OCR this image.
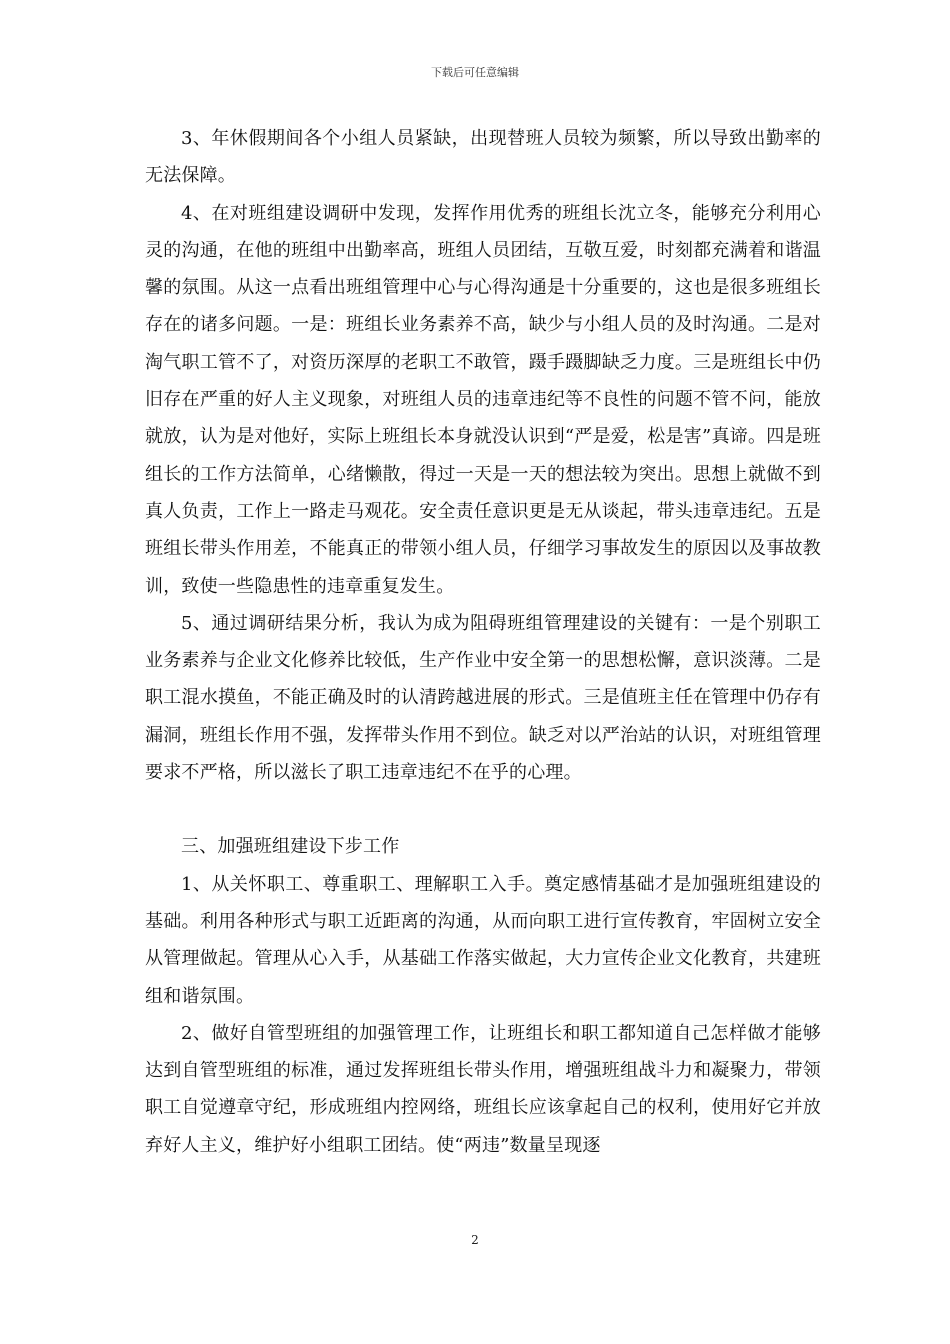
下载后可任意编辑

3、年休假期间各个小组人员紧缺，出现替班人员较为频繁，所以导致出勤率的无法保障。

4、在对班组建设调研中发现，发挥作用优秀的班组长沈立冬，能够充分利用心灵的沟通，在他的班组中出勤率高，班组人员团结，互敬互爱，时刻都充满着和谐温馨的氛围。从这一点看出班组管理中心与心得沟通是十分重要的，这也是很多班组长存在的诸多问题。一是：班组长业务素养不高，缺少与小组人员的及时沟通。二是对淘气职工管不了，对资历深厚的老职工不敢管，蹑手蹑脚缺乏力度。三是班组长中仍旧存在严重的好人主义现象，对班组人员的违章违纪等不良性的问题不管不问，能放就放，认为是对他好，实际上班组长本身就没认识到“严是爱，松是害”真谛。四是班组长的工作方法简单，心绪懒散，得过一天是一天的想法较为突出。思想上就做不到真人负责，工作上一路走马观花。安全责任意识更是无从谈起，带头违章违纪。五是班组长带头作用差，不能真正的带领小组人员，仔细学习事故发生的原因以及事故教训，致使一些隐患性的违章重复发生。

5、通过调研结果分析，我认为成为阻碍班组管理建设的关键有：一是个别职工业务素养与企业文化修养比较低，生产作业中安全第一的思想松懈，意识淡薄。二是职工混水摸鱼，不能正确及时的认清跨越进展的形式。三是值班主任在管理中仍存有漏洞，班组长作用不强，发挥带头作用不到位。缺乏对以严治站的认识，对班组管理要求不严格，所以滋长了职工违章违纪不在乎的心理。

三、加强班组建设下步工作

1、从关怀职工、尊重职工、理解职工入手。奠定感情基础才是加强班组建设的基础。利用各种形式与职工近距离的沟通，从而向职工进行宣传教育，牢固树立安全从管理做起。管理从心入手，从基础工作落实做起，大力宣传企业文化教育，共建班组和谐氛围。

2、做好自管型班组的加强管理工作，让班组长和职工都知道自己怎样做才能够达到自管型班组的标准，通过发挥班组长带头作用，增强班组战斗力和凝聚力，带领职工自觉遵章守纪，形成班组内控网络，班组长应该拿起自己的权利，使用好它并放弃好人主义，维护好小组职工团结。使“两违”数量呈现逐

2
